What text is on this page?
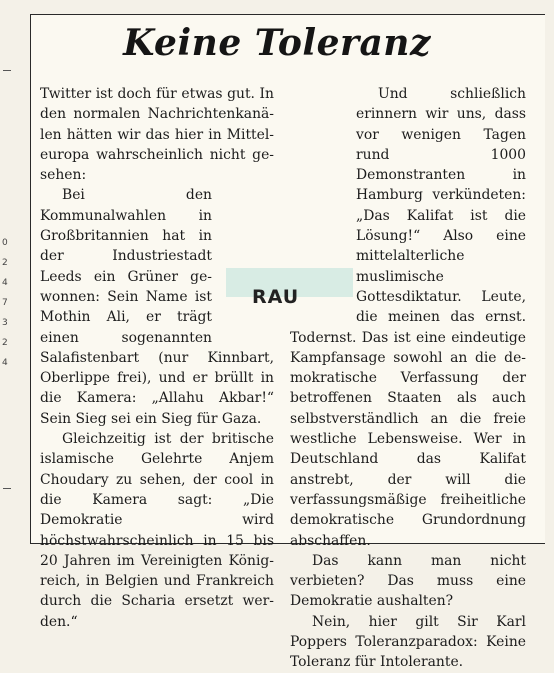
0
2
4
7
3
2
4
Keine Toleranz

Twitter ist doch für etwas gut. In den normalen Nachrichtenkanälen hätten wir das hier in Mitteleuropa wahrscheinlich nicht gesehen:

Bei den Kommunalwahlen in Großbritannien hat in der Industriestadt Leeds ein Grüner gewonnen: Sein Name ist Mothin Ali, er trägt einen sogenannten Salafistenbart (nur Kinnbart, Oberlippe frei), und er brüllt in die Kamera: „Allahu Akbar!“ Sein Sieg sei ein Sieg für Gaza.

Gleichzeitig ist der britische islamische Gelehrte Anjem Choudary zu sehen, der cool in die Kamera sagt: „Die Demokratie wird höchstwahrscheinlich in 15 bis 20 Jahren im Vereinigten Königreich, in Belgien und Frankreich durch die Scharia ersetzt werden.“

Und schließlich erinnern wir uns, dass vor wenigen Tagen rund 1000 Demonstranten in Hamburg verkündeten: „Das Kalifat ist die Lösung!“ Also eine mittelalterliche muslimische Gottesdiktatur. Leute, die meinen das ernst. Todernst. Das ist eine eindeutige Kampfansage sowohl an die demokratische Verfassung der betroffenen Staaten als auch selbstverständlich an die freie westliche Lebensweise. Wer in Deutschland das Kalifat anstrebt, der will die verfassungsmäßige freiheitliche demokratische Grundordnung abschaffen.

Das kann man nicht verbieten? Das muss eine Demokratie aushalten?

Nein, hier gilt Sir Karl Poppers Toleranzparadox: Keine Toleranz für Intolerante.

RAU
